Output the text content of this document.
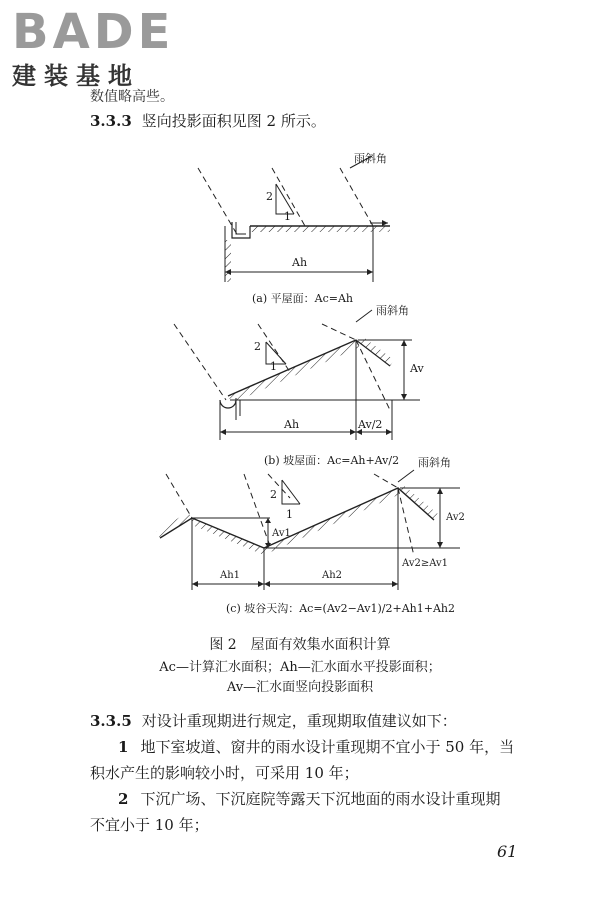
BADE
建装基地
数值略高些。
3.3.3 竖向投影面积见图 2 所示。
雨斜角
2
1
Ah
(a) 平屋面：Ac=Ah
雨斜角
2
1	Av
Ah	Av/2
(b) 坡屋面：Ac=Ah+Av/2 雨斜角
2
1
Av1
Av2
Av2≥Av1
Ah1	Ah2
(c) 坡谷天沟：Ac=(Av2−Av1)/2+Ah1+Ah2
图 2　屋面有效集水面积计算
Ac—计算汇水面积；Ah—汇水面水平投影面积；
Av—汇水面竖向投影面积
3.3.5 对设计重现期进行规定，重现期取值建议如下：
1 地下室坡道、窗井的雨水设计重现期不宜小于 50 年，当
积水产生的影响较小时，可采用 10 年；
2 下沉广场、下沉庭院等露天下沉地面的雨水设计重现期
不宜小于 10 年；
61
